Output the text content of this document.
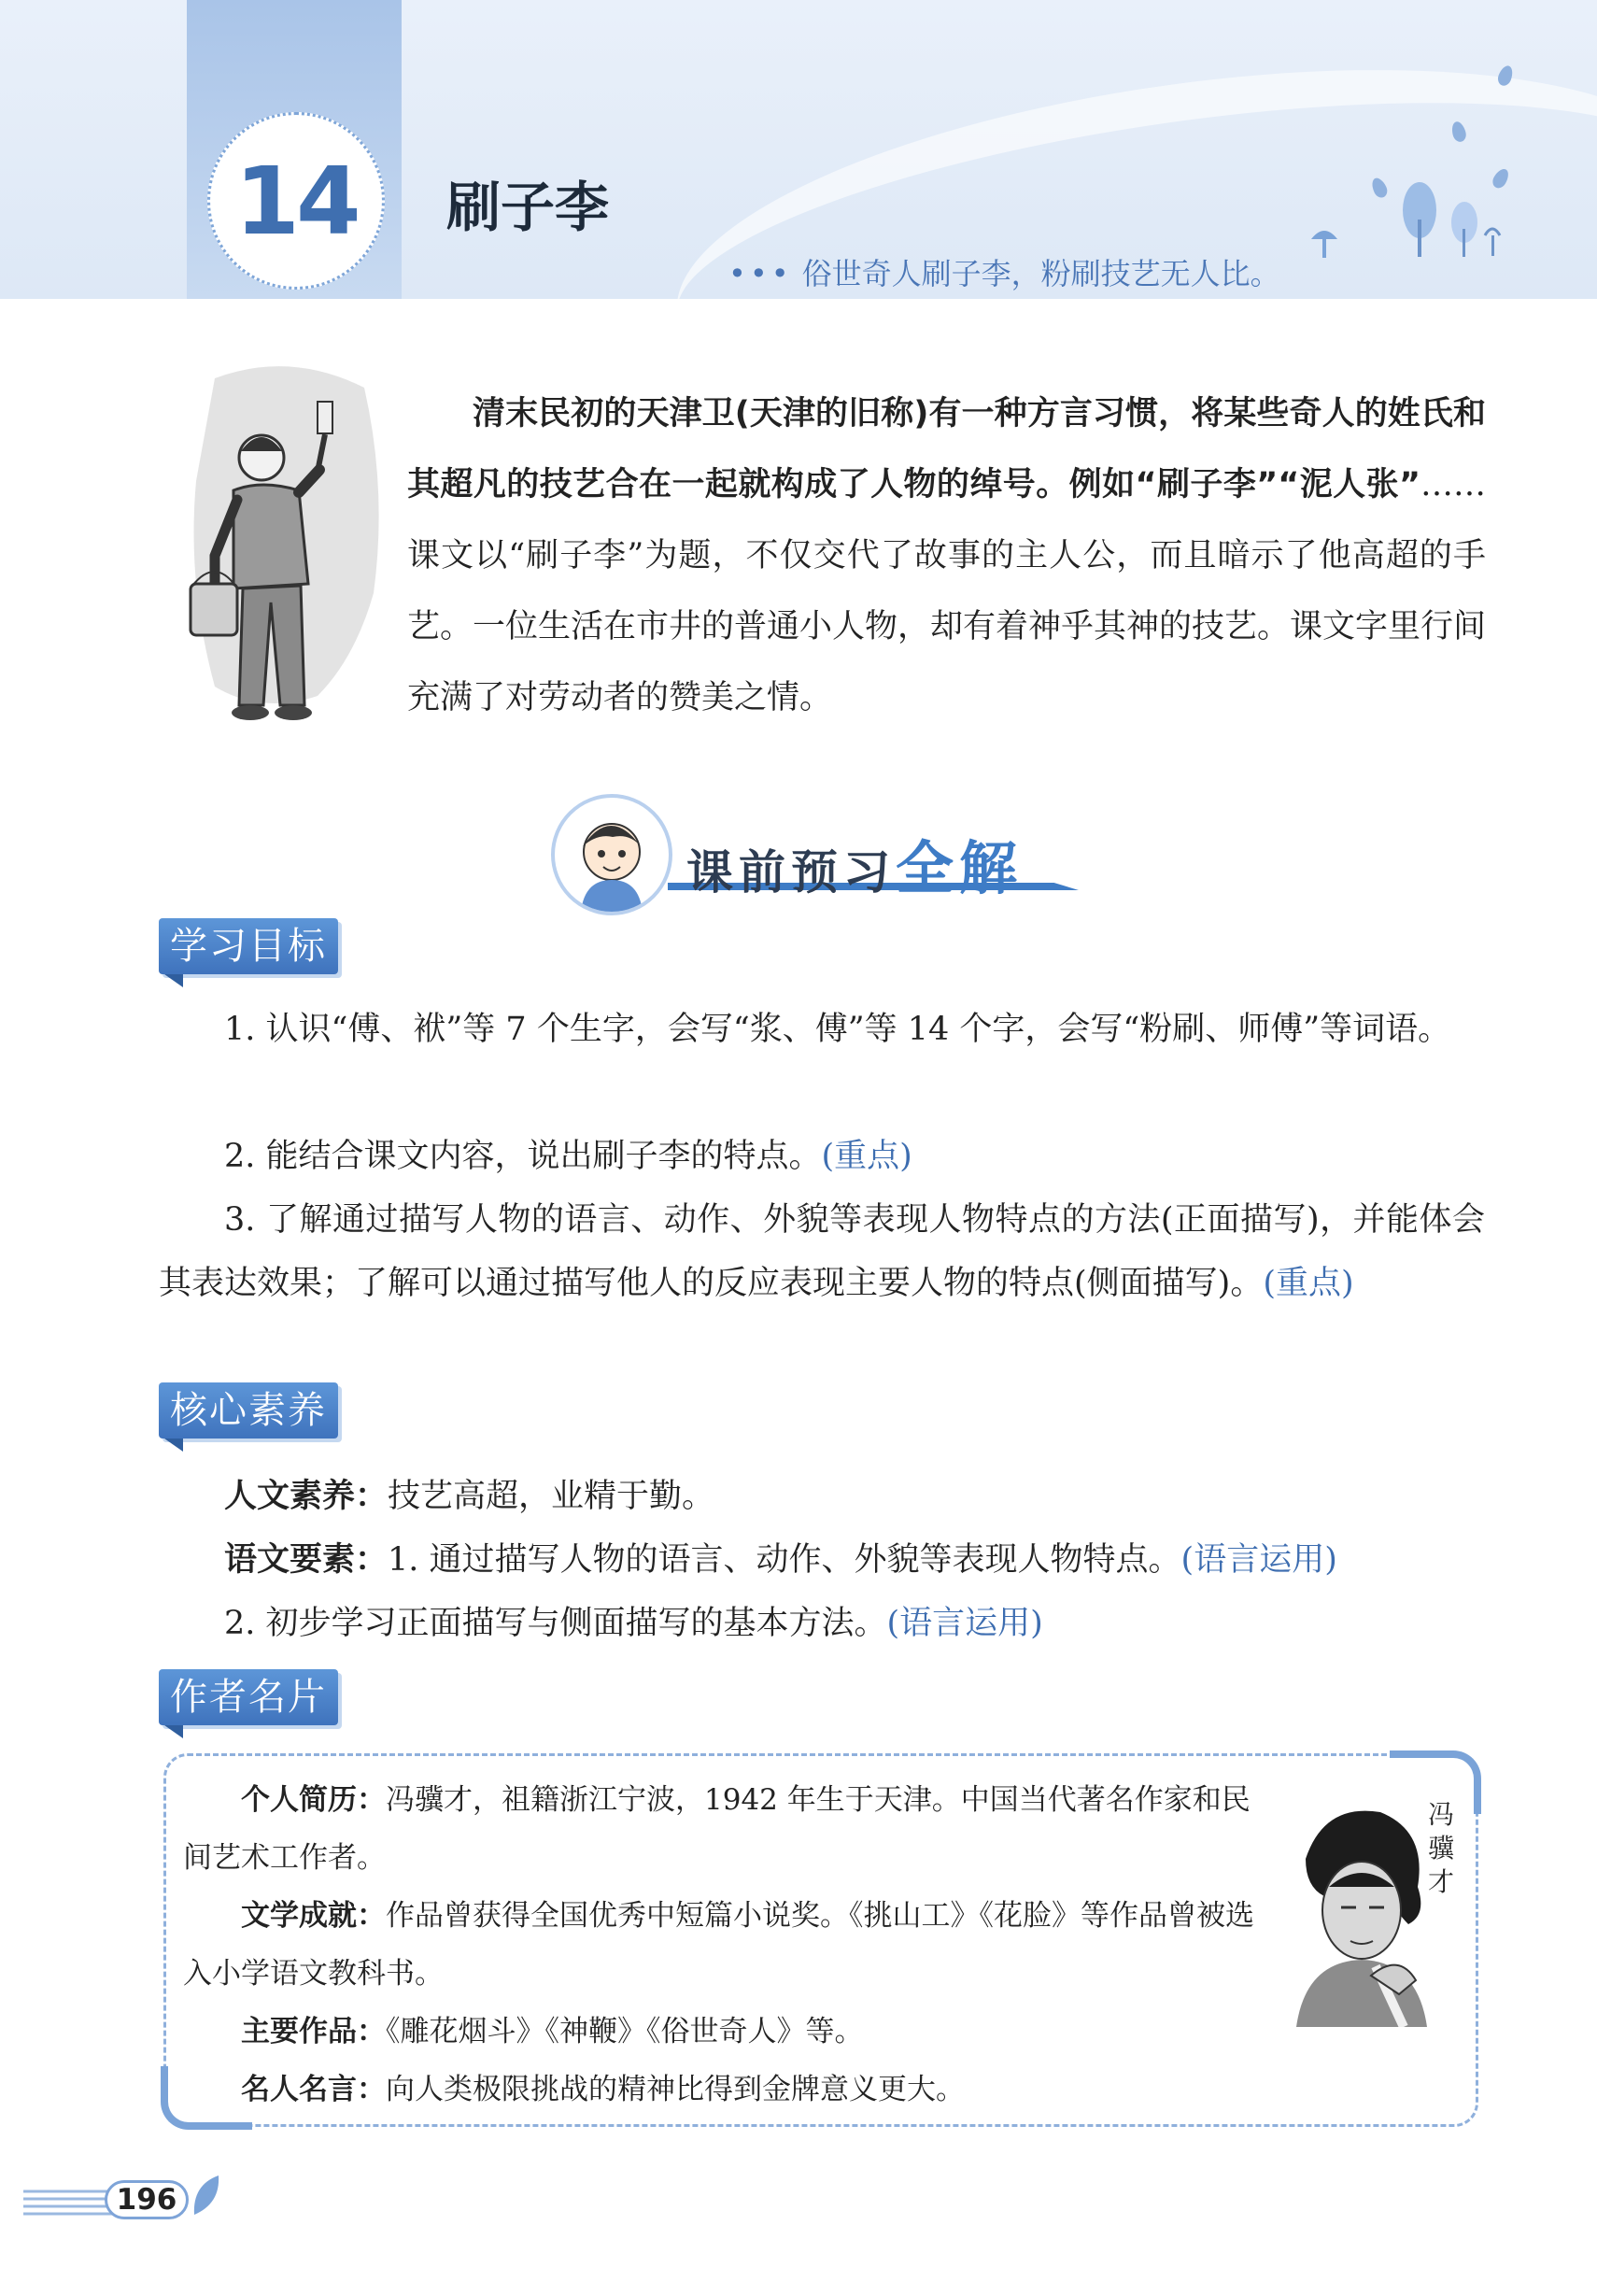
14 刷子李
••• 俗世奇人刷子李，粉刷技艺无人比。
清末民初的天津卫(天津的旧称)有一种方言习惯，将某些奇人的姓氏和其超凡的技艺合在一起就构成了人物的绰号。例如“刷子李”“泥人张”……课文以“刷子李”为题，不仅交代了故事的主人公，而且暗示了他高超的手艺。一位生活在市井的普通小人物，却有着神乎其神的技艺。课文字里行间充满了对劳动者的赞美之情。
课前预习全解
学习目标
1. 认识“傅、袱”等 7 个生字，会写“浆、傅”等 14 个字，会写“粉刷、师傅”等词语。
2. 能结合课文内容，说出刷子李的特点。(重点)
3. 了解通过描写人物的语言、动作、外貌等表现人物特点的方法(正面描写)，并能体会其表达效果；了解可以通过描写他人的反应表现主要人物的特点(侧面描写)。(重点)
核心素养
人文素养：技艺高超，业精于勤。
语文要素：1. 通过描写人物的语言、动作、外貌等表现人物特点。(语言运用)
2. 初步学习正面描写与侧面描写的基本方法。(语言运用)
作者名片
个人简历：冯骥才，祖籍浙江宁波，1942 年生于天津。中国当代著名作家和民间艺术工作者。
文学成就：作品曾获得全国优秀中短篇小说奖。《挑山工》《花脸》等作品曾被选入小学语文教科书。
主要作品：《雕花烟斗》《神鞭》《俗世奇人》等。
名人名言：向人类极限挑战的精神比得到金牌意义更大。
冯骥才
196
